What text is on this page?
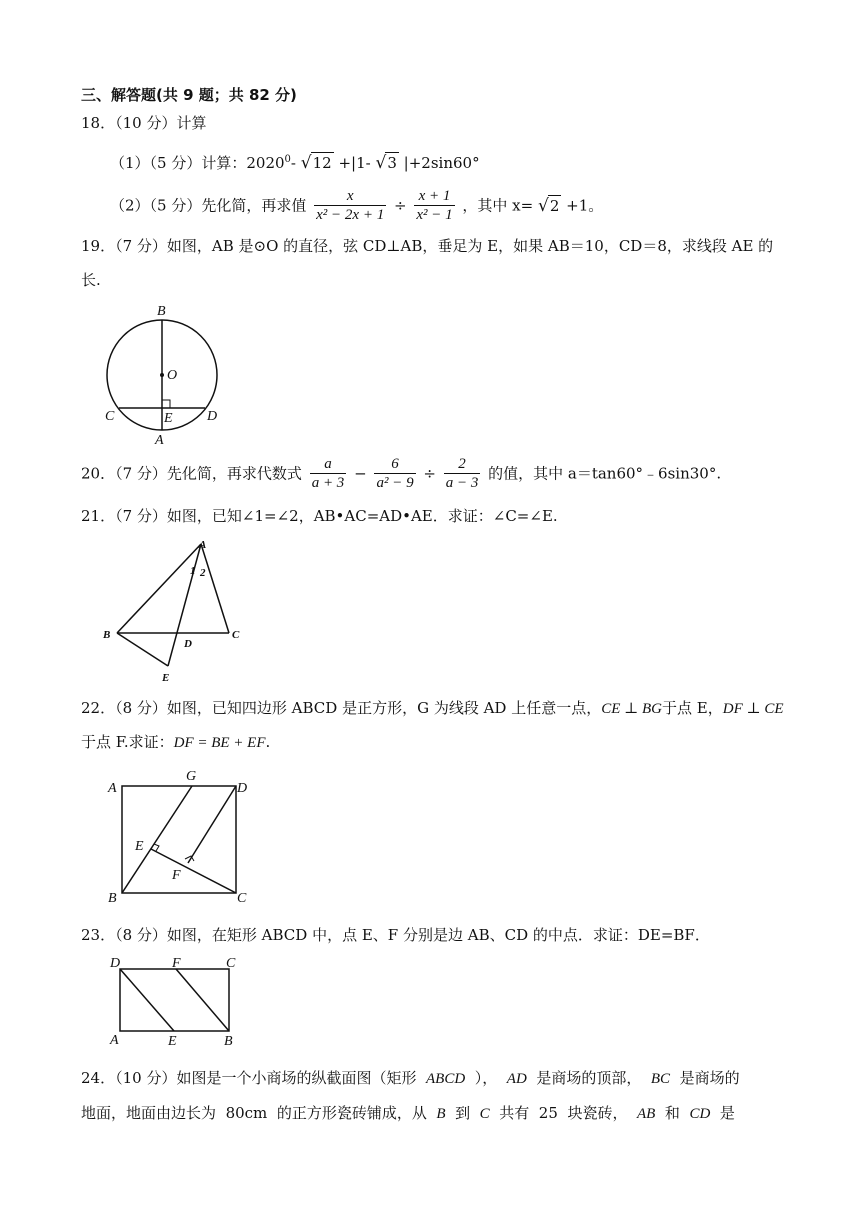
三、解答题(共 9 题；共 82 分)
18．（10 分）计算
（1）（5 分）计算：2020$^0$- √12 +|1- √3 |+2sin60°
（2）（5 分）先化简，再求值 $\frac{x}{\text{x² − 2x + 1}} \div \frac{x + 1}{\text{x² − 1}}$ ，其中 x= √2 +1。
19．（7 分）如图，AB 是⊙O 的直径，弦 CD⊥AB，垂足为 E，如果 AB＝10，CD＝8，求线段 AE 的
长.
B
O
C	E D
A
20．（7 分）先化简，再求代数式 $\frac{a}{a + 3} - \frac{6}{\text{a² − 9}} \div \frac{2}{a - 3}$ 的值，其中 a＝tan60°﹣6sin30°.
21．（7 分）如图，已知∠1=∠2，AB•AC=AD•AE．求证：∠C=∠E.
A
1 2
B
D
C
E
22．（8 分）如图，已知四边形 ABCD 是正方形，G 为线段 AD 上任意一点，CE ⊥ BG于点 E，DF ⊥ CE
于点 F.求证：DF = BE + EF.
A
G
D
E
F
B	C
23．（8 分）如图，在矩形 ABCD 中，点 E、F 分别是边 AB、CD 的中点．求证：DE=BF．
D	F	C
A	E	B
24．（10 分）如图是一个小商场的纵截面图（矩形 ABCD ）， AD 是商场的顶部， BC 是商场的
地面，地面由边长为 80cm 的正方形瓷砖铺成，从 B 到 C 共有 25 块瓷砖， AB 和 CD 是
